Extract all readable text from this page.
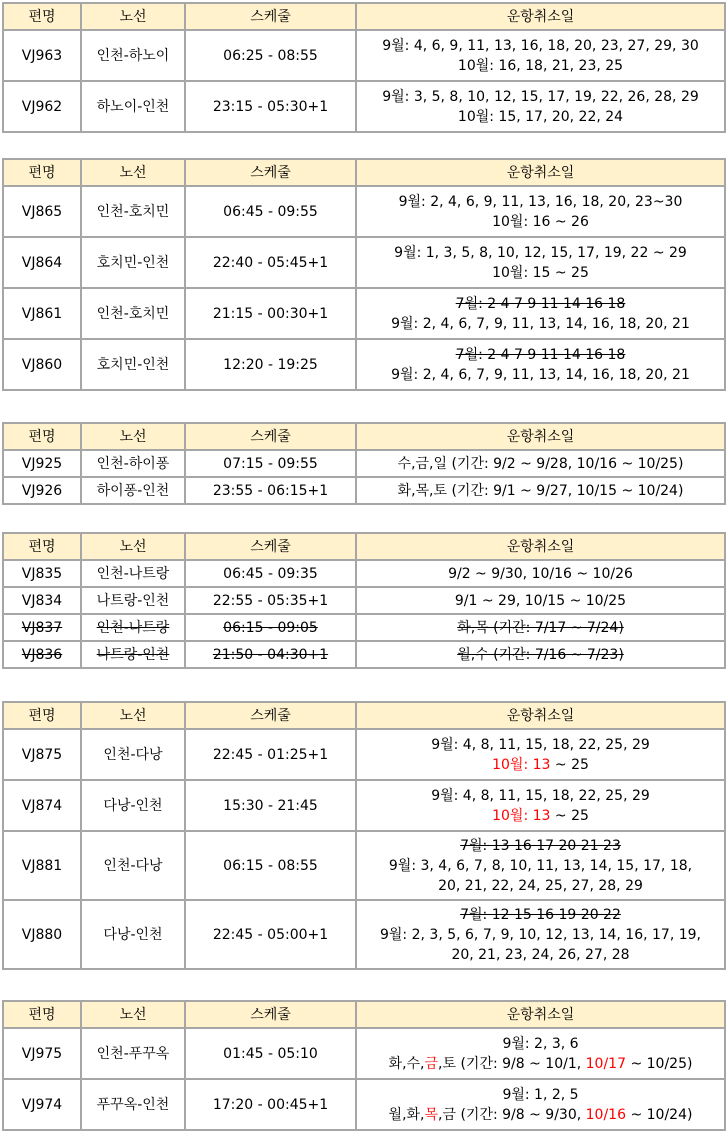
편명	노선	스케줄	운항취소일
VJ963	인천-하노이	06:25 - 08:55	9월: 4, 6, 9, 11, 13, 16, 18, 20, 23, 27, 29, 30
10월: 16, 18, 21, 23, 25

VJ962	하노이-인천	23:15 - 05:30+1	9월: 3, 5, 8, 10, 12, 15, 17, 19, 22, 26, 28, 29
10월: 15, 17, 20, 22, 24
편명	노선	스케줄	운항취소일
VJ865	인천-호치민	06:45 - 09:55	9월: 2, 4, 6, 9, 11, 13, 16, 18, 20, 23~30
10월: 16 ~ 26

VJ864	호치민-인천	22:40 - 05:45+1	9월: 1, 3, 5, 8, 10, 12, 15, 17, 19, 22 ~ 29
10월: 15 ~ 25

VJ861	인천-호치민	21:15 - 00:30+1	7월: 2 4 7 9 11 14 16 18
9월: 2, 4, 6, 7, 9, 11, 13, 14, 16, 18, 20, 21

VJ860	호치민-인천	12:20 - 19:25	7월: 2 4 7 9 11 14 16 18
9월: 2, 4, 6, 7, 9, 11, 13, 14, 16, 18, 20, 21
편명	노선	스케줄	운항취소일
VJ925	인천-하이퐁	07:15 - 09:55	수,금,일 (기간: 9/2 ~ 9/28, 10/16 ~ 10/25)

VJ926	하이퐁-인천	23:55 - 06:15+1	화,목,토 (기간: 9/1 ~ 9/27, 10/15 ~ 10/24)
편명	노선	스케줄	운항취소일
VJ835	인천-나트랑	06:45 - 09:35	9/2 ~ 9/30, 10/16 ~ 10/26

VJ834	나트랑-인천	22:55 - 05:35+1	9/1 ~ 29, 10/15 ~ 10/25

VJ837	인천-나트랑	06:15 - 09:05	화,목 (기간: 7/17 ~ 7/24)

VJ836	나트랑-인천	21:50 - 04:30+1	월,수 (기간: 7/16 ~ 7/23)
편명	노선	스케줄	운항취소일
VJ875	인천-다낭	22:45 - 01:25+1	9월: 4, 8, 11, 15, 18, 22, 25, 29
10월: 13 ~ 25

VJ874	다낭-인천	15:30 - 21:45	9월: 4, 8, 11, 15, 18, 22, 25, 29
10월: 13 ~ 25

VJ881	인천-다낭	06:15 - 08:55	7월: 13 16 17 20 21 23
9월: 3, 4, 6, 7, 8, 10, 11, 13, 14, 15, 17, 18,
20, 21, 22, 24, 25, 27, 28, 29

VJ880	다낭-인천	22:45 - 05:00+1	7월: 12 15 16 19 20 22
9월: 2, 3, 5, 6, 7, 9, 10, 12, 13, 14, 16, 17, 19,
20, 21, 23, 24, 26, 27, 28
편명	노선	스케줄	운항취소일
VJ975	인천-푸꾸옥	01:45 - 05:10	9월: 2, 3, 6
화,수,금,토 (기간: 9/8 ~ 10/1, 10/17 ~ 10/25)

VJ974	푸꾸옥-인천	17:20 - 00:45+1	9월: 1, 2, 5
월,화,목,금 (기간: 9/8 ~ 9/30, 10/16 ~ 10/24)
